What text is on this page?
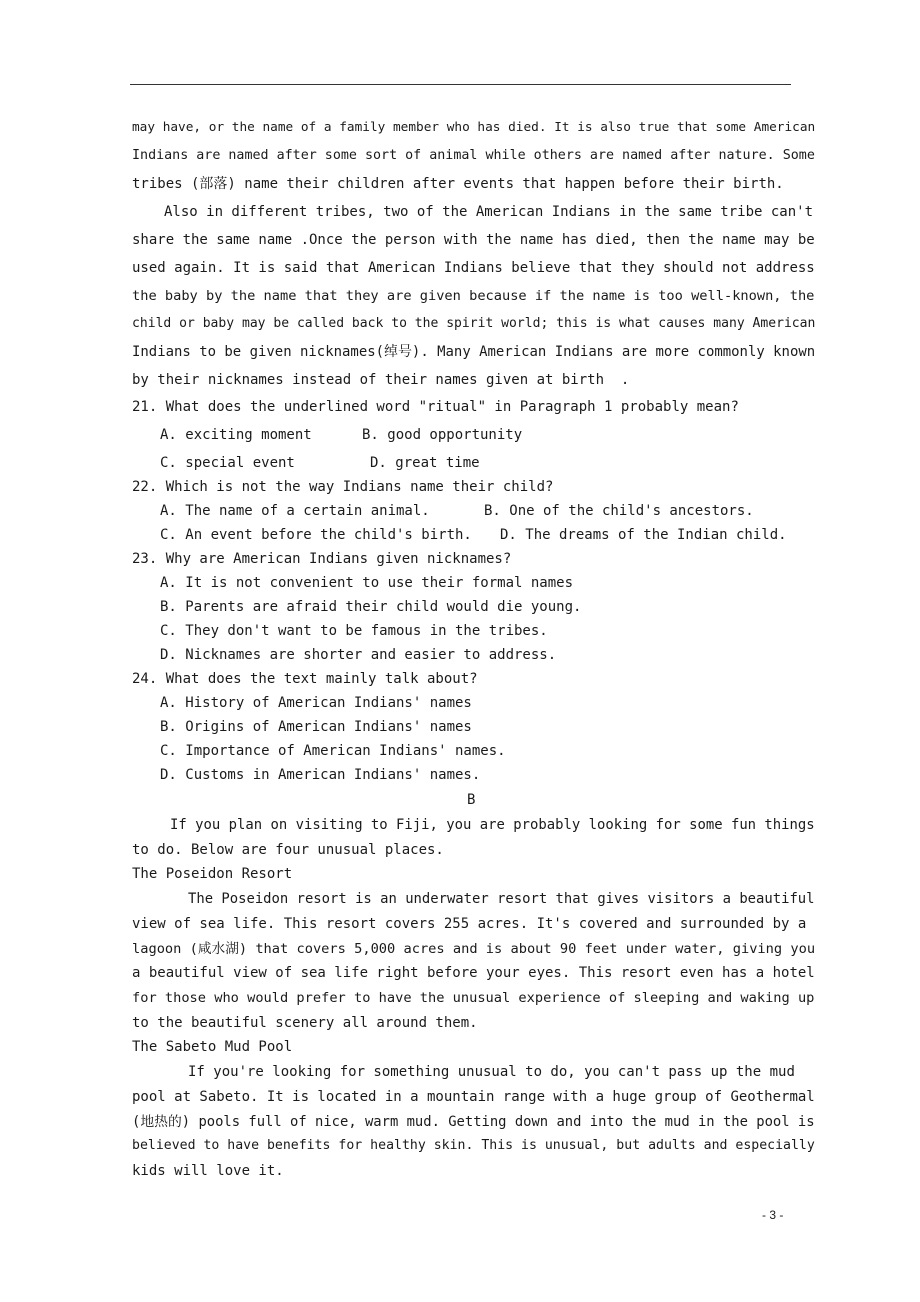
may have, or the name of a family member who has died. It is also true that some American
Indians are named after some sort of animal while others are named after nature. Some
tribes (部落) name their children after events that happen before their birth.
Also in different tribes, two of the American Indians in the same tribe can't
share the same name .Once the person with the name has died, then the name may be
used again. It is said that American Indians believe that they should not address
the baby by the name that they are given because if the name is too well-known, the
child or baby may be called back to the spirit world; this is what causes many American
Indians to be given nicknames(绰号). Many American Indians are more commonly known
by their nicknames instead of their names given at birth  .
21. What does the underlined word "ritual" in Paragraph 1 probably mean?
A. exciting moment	B. good opportunity
C. special event	D. great time
22. Which is not the way Indians name their child?
A. The name of a certain animal.	B. One of the child's ancestors.
C. An event before the child's birth. D. The dreams of the Indian child.
23. Why are American Indians given nicknames?
A. It is not convenient to use their formal names
B. Parents are afraid their child would die young.
C. They don't want to be famous in the tribes.
D. Nicknames are shorter and easier to address.
24. What does the text mainly talk about?
A. History of American Indians' names
B. Origins of American Indians' names
C. Importance of American Indians' names.
D. Customs in American Indians' names.
B
If you plan on visiting to Fiji, you are probably looking for some fun things
to do. Below are four unusual places.
The Poseidon Resort
The Poseidon resort is an underwater resort that gives visitors a beautiful
view of sea life. This resort covers 255 acres. It's covered and surrounded by a
lagoon (咸水湖) that covers 5,000 acres and is about 90 feet under water, giving you
a beautiful view of sea life right before your eyes. This resort even has a hotel
for those who would prefer to have the unusual experience of sleeping and waking up
to the beautiful scenery all around them.
The Sabeto Mud Pool
If you're looking for something unusual to do, you can't pass up the mud
pool at Sabeto. It is located in a mountain range with a huge group of Geothermal
(地热的) pools full of nice, warm mud. Getting down and into the mud in the pool is
believed to have benefits for healthy skin. This is unusual, but adults and especially
kids will love it.
- 3 -
